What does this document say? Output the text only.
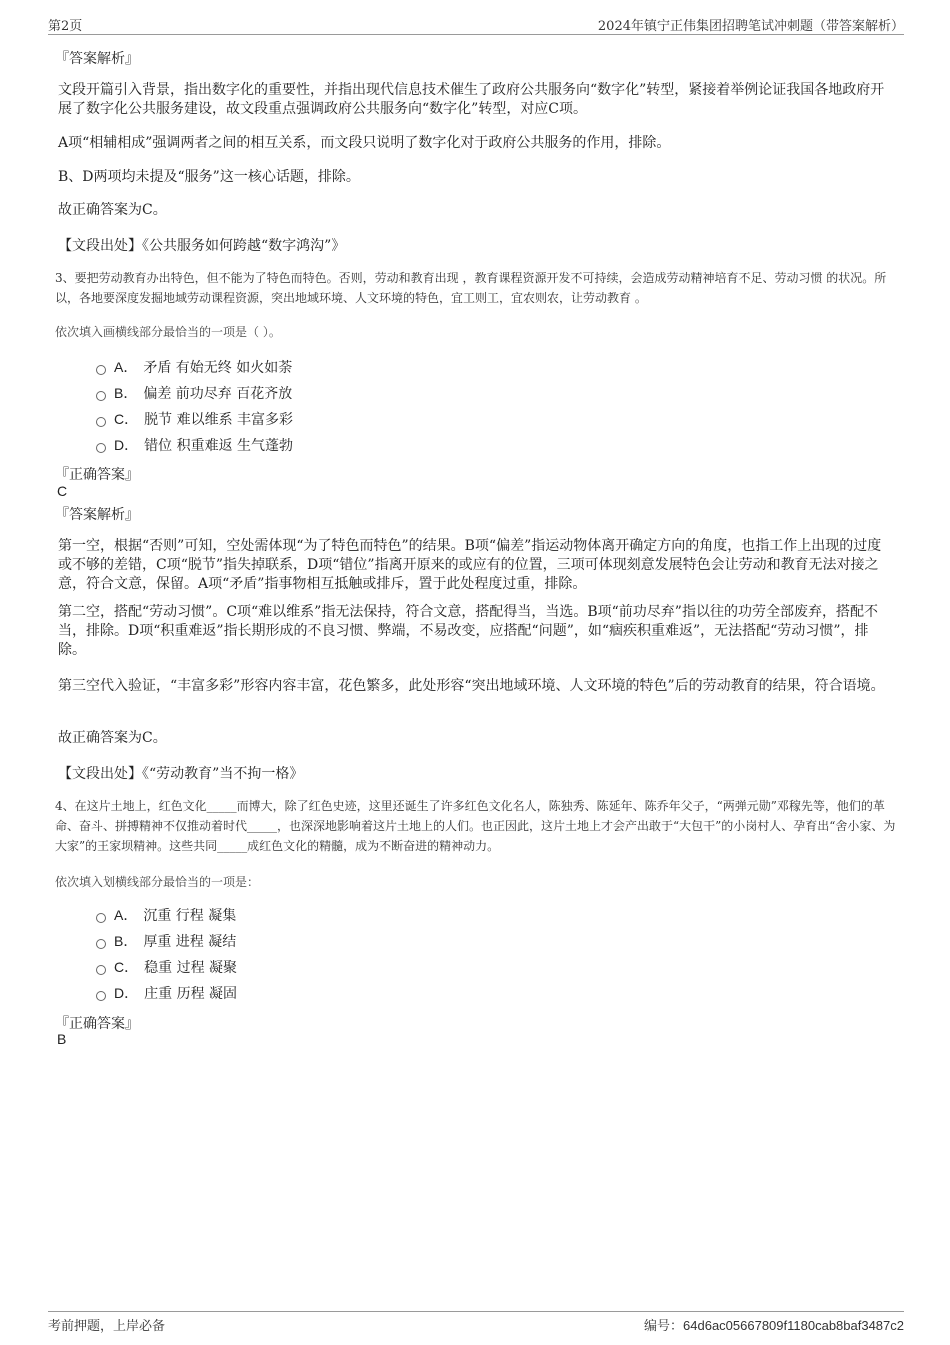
第2页	2024年镇宁正伟集团招聘笔试冲刺题（带答案解析）
『答案解析』
文段开篇引入背景，指出数字化的重要性，并指出现代信息技术催生了政府公共服务向“数字化”转型，紧接着举例论证我国各地政府开展了数字化公共服务建设，故文段重点强调政府公共服务向“数字化”转型，对应C项。
A项“相辅相成”强调两者之间的相互关系，而文段只说明了数字化对于政府公共服务的作用，排除。
B、D两项均未提及“服务”这一核心话题，排除。
故正确答案为C。
【文段出处】《公共服务如何跨越“数字鸿沟”》
3、要把劳动教育办出特色，但不能为了特色而特色。否则，劳动和教育出现 ，教育课程资源开发不可持续，会造成劳动精神培育不足、劳动习惯 的状况。所以，各地要深度发掘地域劳动课程资源，突出地域环境、人文环境的特色，宜工则工，宜农则农，让劳动教育 。
依次填入画横线部分最恰当的一项是（ ）。
A． 矛盾 有始无终 如火如荼
B． 偏差 前功尽弃 百花齐放
C． 脱节 难以维系 丰富多彩
D． 错位 积重难返 生气蓬勃
『正确答案』
C
『答案解析』
第一空，根据“否则”可知，空处需体现“为了特色而特色”的结果。B项“偏差”指运动物体离开确定方向的角度，也指工作上出现的过度或不够的差错，C项“脱节”指失掉联系，D项“错位”指离开原来的或应有的位置，三项可体现刻意发展特色会让劳动和教育无法对接之意，符合文意，保留。A项“矛盾”指事物相互抵触或排斥，置于此处程度过重，排除。
第二空，搭配“劳动习惯”。C项“难以维系”指无法保持，符合文意，搭配得当，当选。B项“前功尽弃”指以往的功劳全部废弃，搭配不当，排除。D项“积重难返”指长期形成的不良习惯、弊端，不易改变，应搭配“问题”，如“痼疾积重难返”，无法搭配“劳动习惯”，排除。
第三空代入验证，“丰富多彩”形容内容丰富，花色繁多，此处形容“突出地域环境、人文环境的特色”后的劳动教育的结果，符合语境。
故正确答案为C。
【文段出处】《“劳动教育”当不拘一格》
4、在这片土地上，红色文化_____而博大，除了红色史迹，这里还诞生了许多红色文化名人，陈独秀、陈延年、陈乔年父子，“两弹元勋”邓稼先等，他们的革命、奋斗、拼搏精神不仅推动着时代_____，也深深地影响着这片土地上的人们。也正因此，这片土地上才会产出敢于“大包干”的小岗村人、孕育出“舍小家、为大家”的王家坝精神。这些共同_____成红色文化的精髓，成为不断奋进的精神动力。
依次填入划横线部分最恰当的一项是：
A． 沉重 行程 凝集
B． 厚重 进程 凝结
C． 稳重 过程 凝聚
D． 庄重 历程 凝固
『正确答案』
B
考前押题，上岸必备	编号：64d6ac05667809f1180cab8baf3487c2
